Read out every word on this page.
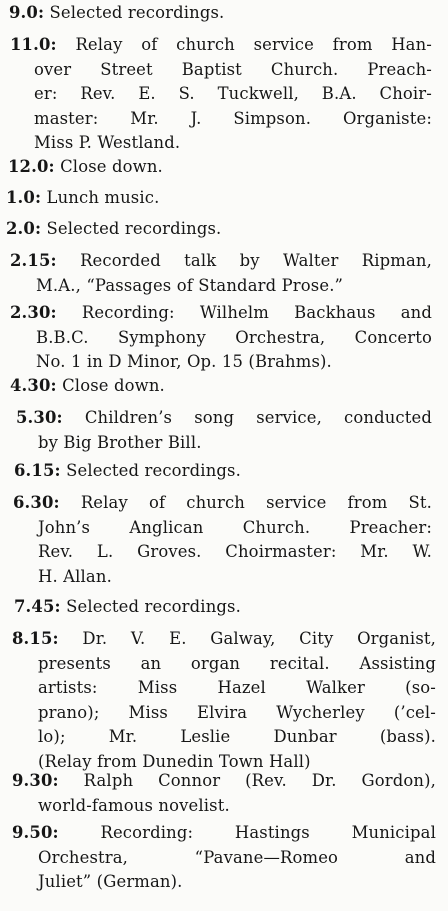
9.0: Selected recordings.
11.0: Relay of church service from Han-
over Street Baptist Church. Preach-
er: Rev. E. S. Tuckwell, B.A. Choir-
master: Mr. J. Simpson. Organiste:
Miss P. Westland.
12.0: Close down.
1.0: Lunch music.
2.0: Selected recordings.
2.15: Recorded talk by Walter Ripman,
M.A., “Passages of Standard Prose.”
2.30: Recording: Wilhelm Backhaus and
B.B.C. Symphony Orchestra, Concerto
No. 1 in D Minor, Op. 15 (Brahms).
4.30: Close down.
5.30: Children’s song service, conducted
by Big Brother Bill.
6.15: Selected recordings.
6.30: Relay of church service from St.
John’s Anglican Church. Preacher:
Rev. L. Groves. Choirmaster: Mr. W.
H. Allan.
7.45: Selected recordings.
8.15: Dr. V. E. Galway, City Organist,
presents an organ recital. Assisting
artists: Miss Hazel Walker (so-
prano); Miss Elvira Wycherley (’cel-
lo); Mr. Leslie Dunbar (bass).
(Relay from Dunedin Town Hall)
9.30: Ralph Connor (Rev. Dr. Gordon),
world-famous novelist.
9.50:	Recording: Hastings Municipal
Orchestra, “Pavane—Romeo and
Juliet” (German).
